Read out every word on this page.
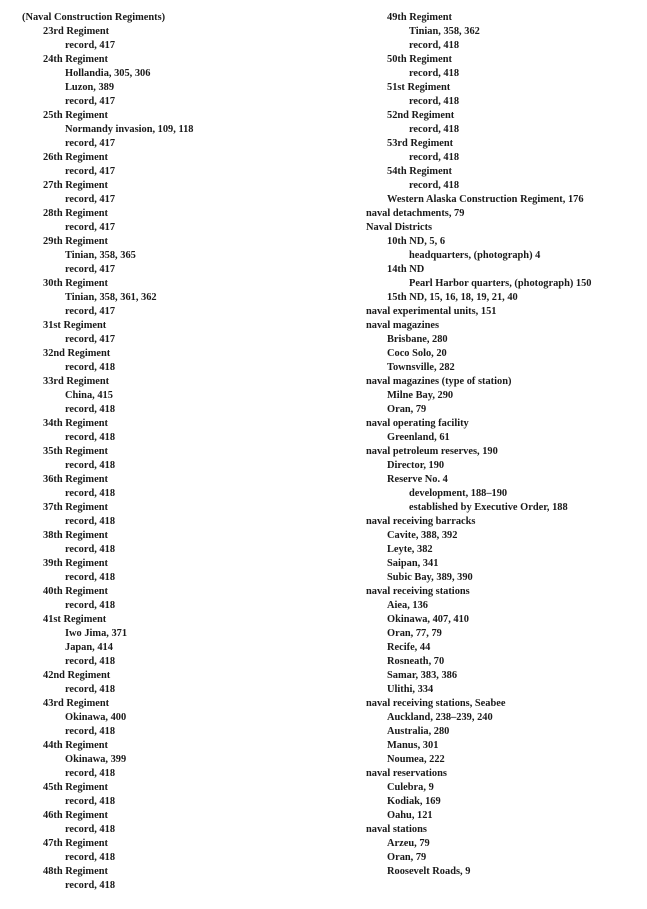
(Naval Construction Regiments)
23rd Regiment
record, 417
24th Regiment
Hollandia, 305, 306
Luzon, 389
record, 417
25th Regiment
Normandy invasion, 109, 118
record, 417
26th Regiment
record, 417
27th Regiment
record, 417
28th Regiment
record, 417
29th Regiment
Tinian, 358, 365
record, 417
30th Regiment
Tinian, 358, 361, 362
record, 417
31st Regiment
record, 417
32nd Regiment
record, 418
33rd Regiment
China, 415
record, 418
34th Regiment
record, 418
35th Regiment
record, 418
36th Regiment
record, 418
37th Regiment
record, 418
38th Regiment
record, 418
39th Regiment
record, 418
40th Regiment
record, 418
41st Regiment
Iwo Jima, 371
Japan, 414
record, 418
42nd Regiment
record, 418
43rd Regiment
Okinawa, 400
record, 418
44th Regiment
Okinawa, 399
record, 418
45th Regiment
record, 418
46th Regiment
record, 418
47th Regiment
record, 418
48th Regiment
record, 418
49th Regiment
Tinian, 358, 362
record, 418
50th Regiment
record, 418
51st Regiment
record, 418
52nd Regiment
record, 418
53rd Regiment
record, 418
54th Regiment
record, 418
Western Alaska Construction Regiment, 176
naval detachments, 79
Naval Districts
10th ND, 5, 6
headquarters, (photograph) 4
14th ND
Pearl Harbor quarters, (photograph) 150
15th ND, 15, 16, 18, 19, 21, 40
naval experimental units, 151
naval magazines
Brisbane, 280
Coco Solo, 20
Townsville, 282
naval magazines (type of station)
Milne Bay, 290
Oran, 79
naval operating facility
Greenland, 61
naval petroleum reserves, 190
Director, 190
Reserve No. 4
development, 188–190
established by Executive Order, 188
naval receiving barracks
Cavite, 388, 392
Leyte, 382
Saipan, 341
Subic Bay, 389, 390
naval receiving stations
Aiea, 136
Okinawa, 407, 410
Oran, 77, 79
Recife, 44
Rosneath, 70
Samar, 383, 386
Ulithi, 334
naval receiving stations, Seabee
Auckland, 238–239, 240
Australia, 280
Manus, 301
Noumea, 222
naval reservations
Culebra, 9
Kodiak, 169
Oahu, 121
naval stations
Arzeu, 79
Oran, 79
Roosevelt Roads, 9
